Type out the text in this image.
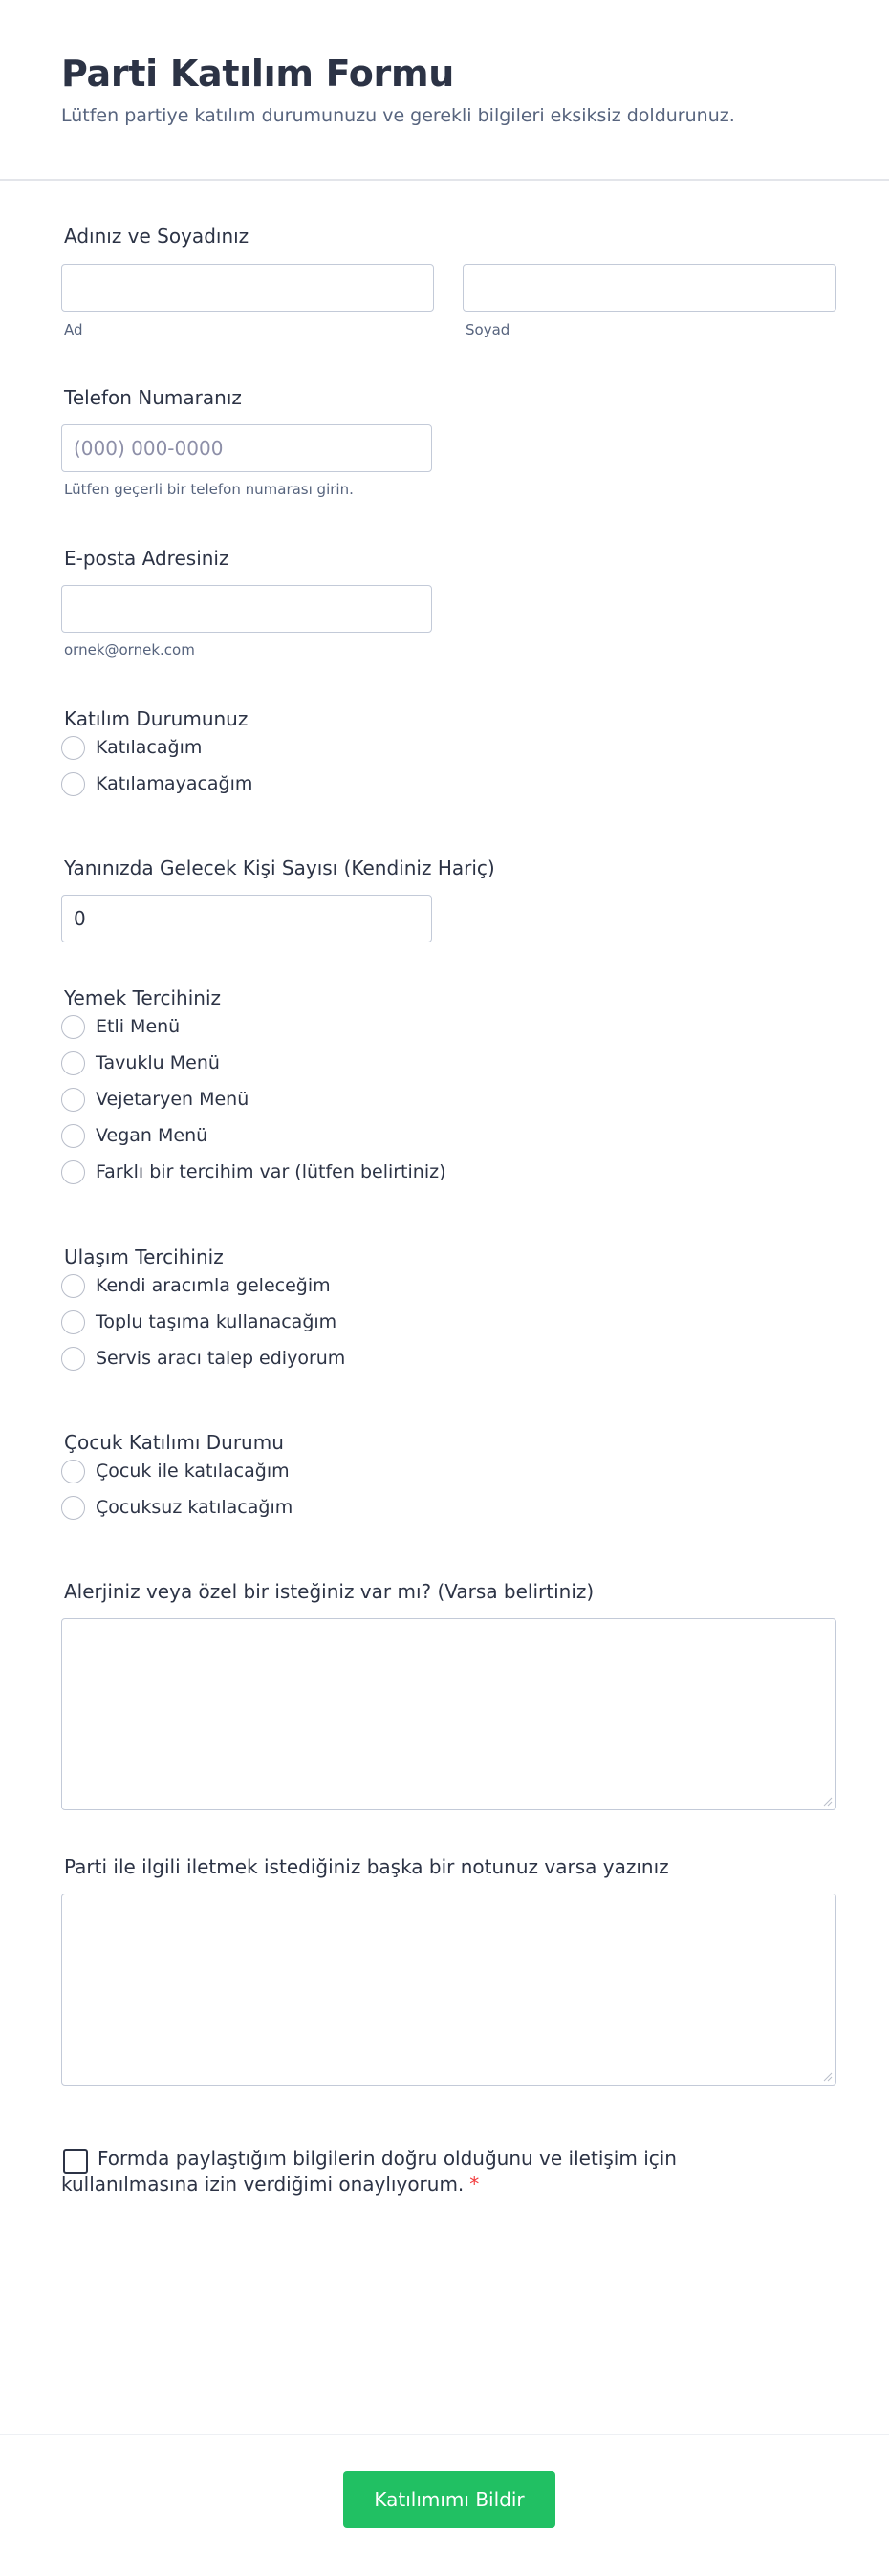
Parti Katılım Formu

Lütfen partiye katılım durumunuzu ve gerekli bilgileri eksiksiz doldurunuz.

Adınız ve Soyadınız
Ad	Soyad
Telefon Numaranız
(000) 000-0000
Lütfen geçerli bir telefon numarası girin.
E-posta Adresiniz
ornek@ornek.com
Katılım Durumunuz
Katılacağım
Katılamayacağım
Yanınızda Gelecek Kişi Sayısı (Kendiniz Hariç)
0
Yemek Tercihiniz
Etli Menü
Tavuklu Menü
Vejetaryen Menü
Vegan Menü
Farklı bir tercihim var (lütfen belirtiniz)
Ulaşım Tercihiniz
Kendi aracımla geleceğim
Toplu taşıma kullanacağım
Servis aracı talep ediyorum
Çocuk Katılımı Durumu
Çocuk ile katılacağım
Çocuksuz katılacağım
Alerjiniz veya özel bir isteğiniz var mı? (Varsa belirtiniz)
Parti ile ilgili iletmek istediğiniz başka bir notunuz varsa yazınız
Formda paylaştığım bilgilerin doğru olduğunu ve iletişim için
kullanılmasına izin verdiğimi onaylıyorum. *
Katılımımı Bildir
